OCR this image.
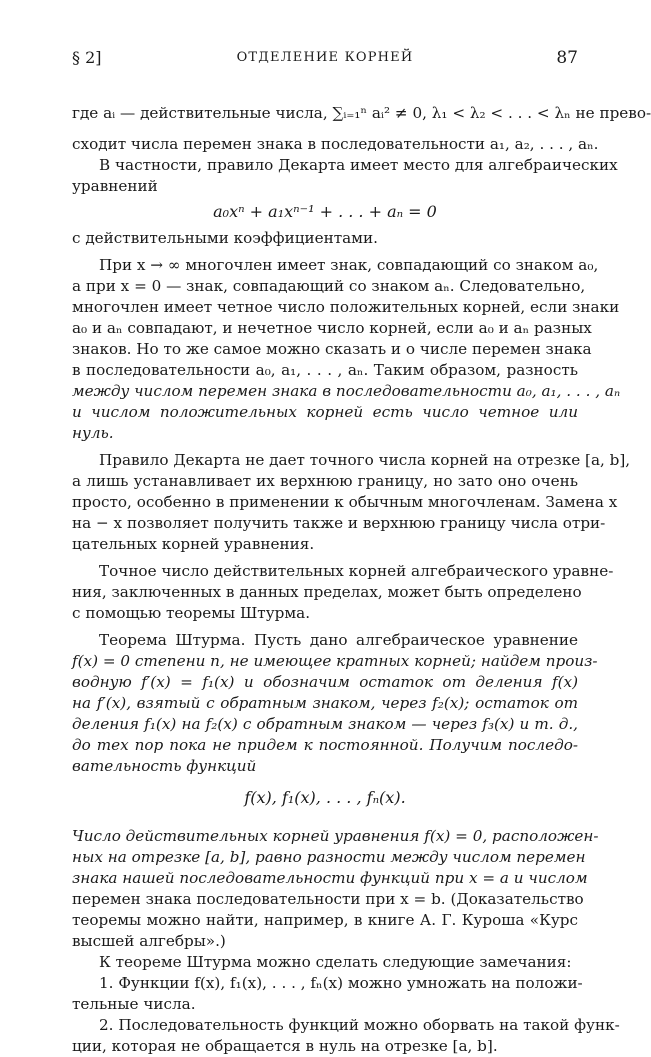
§ 2]	ОТДЕЛЕНИЕ КОРНЕЙ	87
где aᵢ — действительные числа, ∑ᵢ₌₁ⁿ aᵢ² ≠ 0, λ₁ < λ₂ < . . . < λₙ не прево-
сходит числа перемен знака в последовательности a₁, a₂, . . . , aₙ.
В частности, правило Декарта имеет место для алгебраических
уравнений
a₀xⁿ + a₁xⁿ⁻¹ + . . . + aₙ = 0
с действительными коэффициентами.
При x → ∞ многочлен имеет знак, совпадающий со знаком a₀,
а при x = 0 — знак, совпадающий со знаком aₙ. Следовательно,
многочлен имеет четное число положительных корней, если знаки
a₀ и aₙ совпадают, и нечетное число корней, если a₀ и aₙ разных
знаков. Но то же самое можно сказать и о числе перемен знака
в последовательности a₀, a₁, . . . , aₙ. Таким образом, разность
между числом перемен знака в последовательности a₀, a₁, . . . , aₙ
и числом положительных корней есть число четное или
нуль.
Правило Декарта не дает точного числа корней на отрезке [a, b],
а лишь устанавливает их верхнюю границу, но зато оно очень
просто, особенно в применении к обычным многочленам. Замена x
на − x позволяет получить также и верхнюю границу числа отри-
цательных корней уравнения.
Точное число действительных корней алгебраического уравне-
ния, заключенных в данных пределах, может быть определено
с помощью теоремы Штурма.
Теорема Штурма. Пусть дано алгебраическое уравнение
f(x) = 0 степени n, не имеющее кратных корней; найдем произ-
водную f′(x) = f₁(x) и обозначим остаток от деления f(x)
на f′(x), взятый с обратным знаком, через f₂(x); остаток от
деления f₁(x) на f₂(x) с обратным знаком — через f₃(x) и т. д.,
до тех пор пока не придем к постоянной. Получим последо-
вательность функций
f(x), f₁(x), . . . , fₙ(x).
Число действительных корней уравнения f(x) = 0, расположен-
ных на отрезке [a, b], равно разности между числом перемен
знака нашей последовательности функций при x = a и числом
перемен знака последовательности при x = b. (Доказательство
теоремы можно найти, например, в книге А. Г. Куроша «Курс
высшей алгебры».)
К теореме Штурма можно сделать следующие замечания:
1. Функции f(x), f₁(x), . . . , fₙ(x) можно умножать на положи-
тельные числа.
2. Последовательность функций можно оборвать на такой функ-
ции, которая не обращается в нуль на отрезке [a, b].
